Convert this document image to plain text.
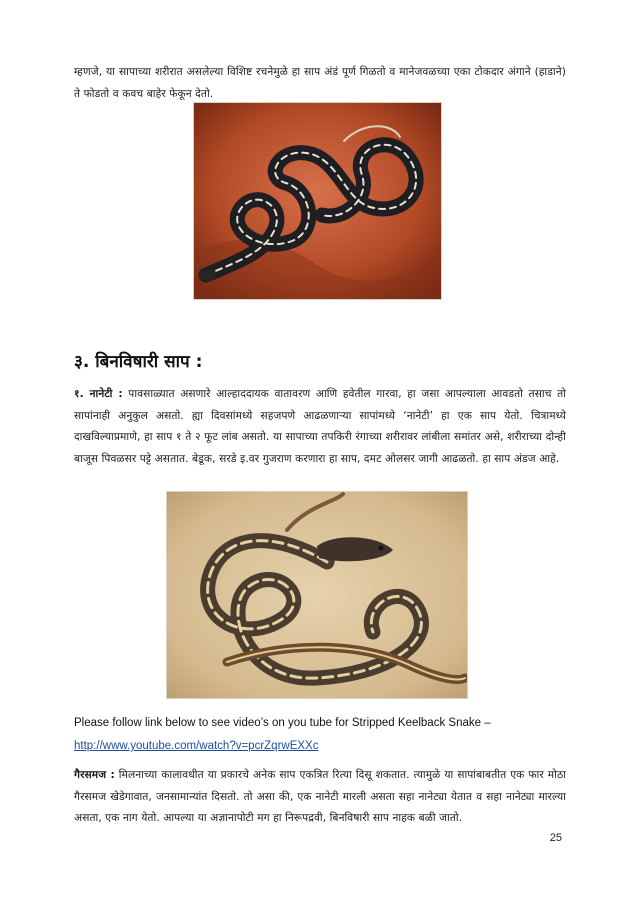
म्हणजे, या सापाच्या शरीरात असलेल्या विशिष्ट रचनेमुळे हा साप अंडं पूर्ण गिळतो व मानेजवळच्या एका टोकदार अंगाने (हाडाने) ते फोडतो व कवच बाहेर फेकून देतो.

३. बिनविषारी साप :

१. नानेटी : पावसाळ्यात असणारे आल्हाददायक वातावरण आणि हवेतील गारवा, हा जसा आपल्याला आवडतो तसाच तो सापांनाही अनुकुल असतो. ह्या दिवसांमध्ये सहजपणे आढळणाऱ्या सापांमध्ये ‘नानेटी’ हा एक साप येतो. चित्रामध्ये दाखविल्याप्रमाणे, हा साप १ ते २ फूट लांब असतो. या सापाच्या तपकिरी रंगाच्या शरीरावर लांबीला समांतर असे, शरीराच्या दोन्ही बाजूस पिवळसर पट्टे असतात. बेडूक, सरडे इ.वर गुजराण करणारा हा साप, दमट ओलसर जागी आढळतो. हा साप अंडज आहे.

Please follow link below to see video’s on you tube for Stripped Keelback Snake –
http://www.youtube.com/watch?v=pcrZqrwEXXc

गैरसमज : मिलनाच्या कालावधीत या प्रकारचे अनेक साप एकत्रित रित्या दिसू शकतात. त्यामुळे या सापांबाबतीत एक फार मोठा गैरसमज खेडेगावात, जनसामान्यांत दिसतो. तो असा की, एक नानेटी मारली असता सहा नानेट्या येतात व सहा नानेट्या मारल्या असता, एक नाग येतो. आपल्या या अज्ञानापोटी मग हा निरूपद्रवी, बिनविषारी साप नाहक बळी जातो.

25
